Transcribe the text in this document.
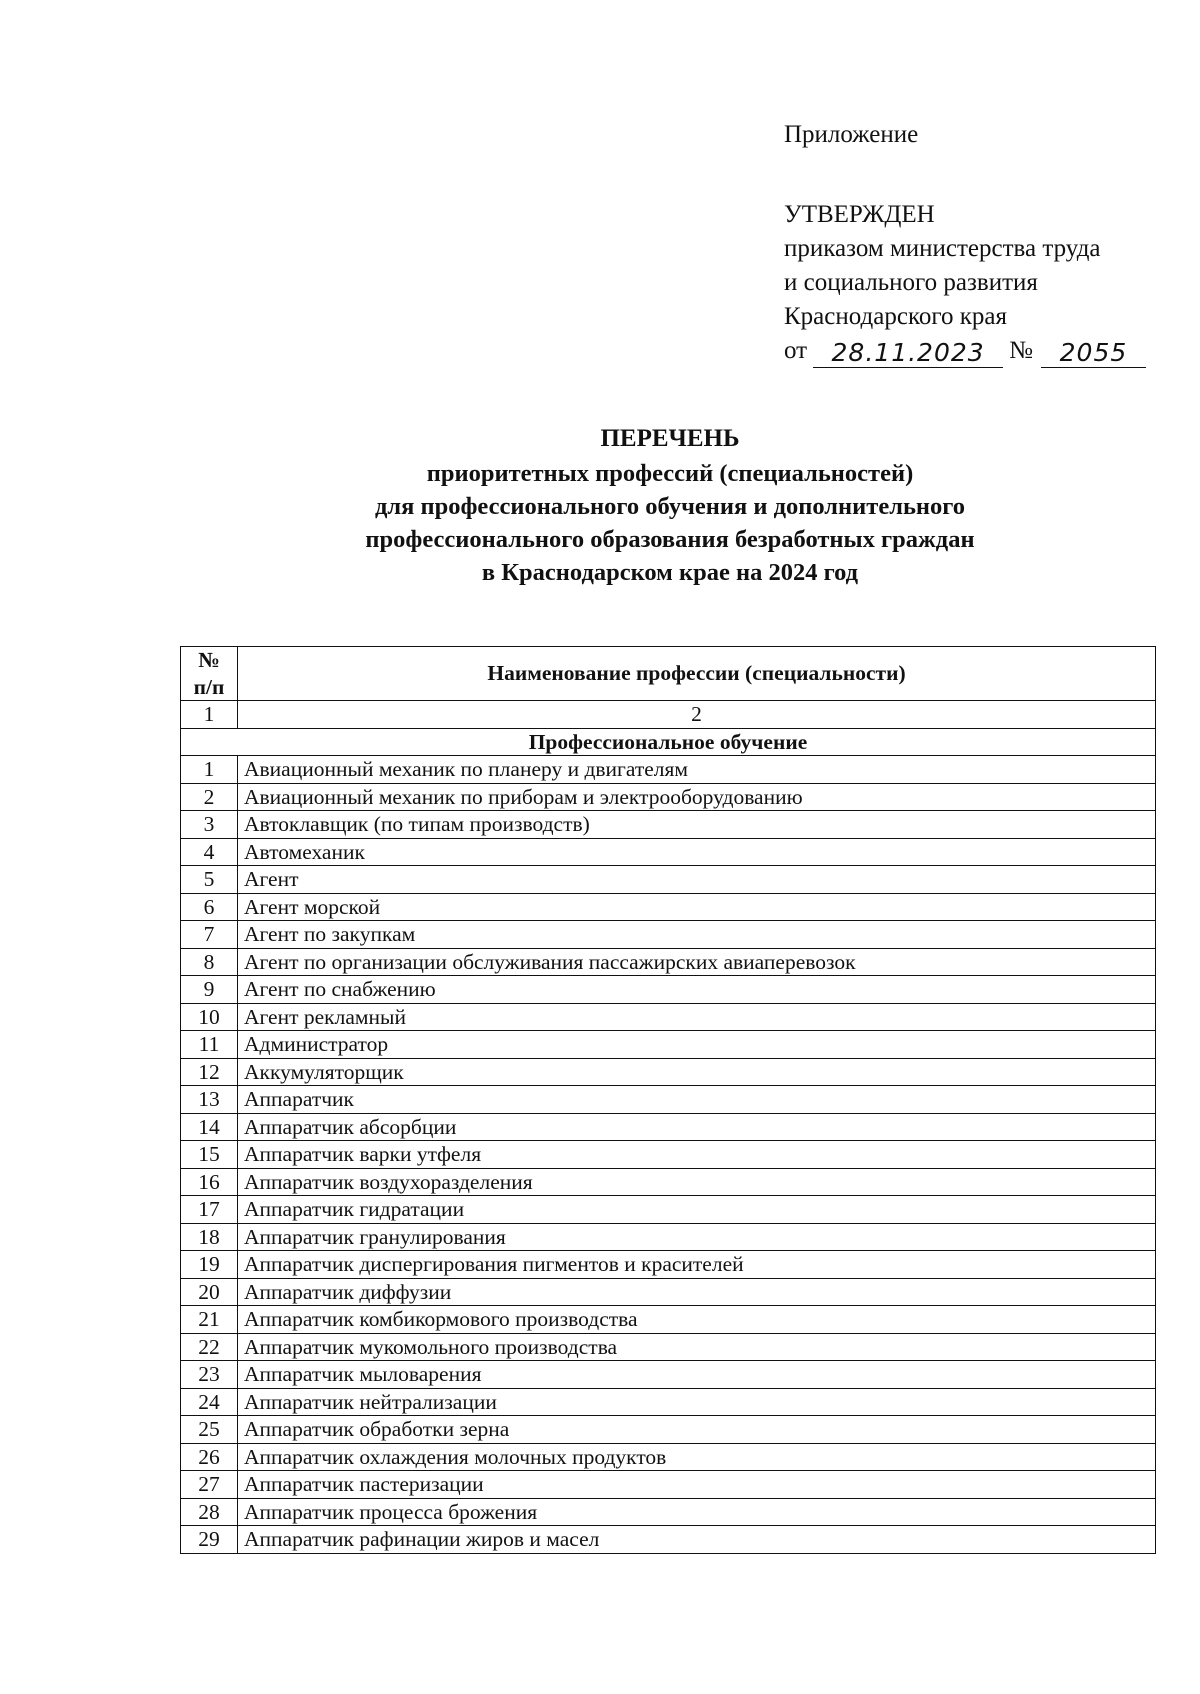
Приложение
УТВЕРЖДЕН
приказом министерства труда
и социального развития
Краснодарского края
от 28.11.2023 №	2055
ПЕРЕЧЕНЬ
приоритетных профессий (специальностей)
для профессионального обучения и дополнительного
профессионального образования безработных граждан
в Краснодарском крае на 2024 год
№ п/п	Наименование профессии (специальности)
1	2
Профессиональное обучение	
1	Авиационный механик по планеру и двигателям
2	Авиационный механик по приборам и электрооборудованию
3	Автоклавщик (по типам производств)
4	Автомеханик
5	Агент
6	Агент морской
7	Агент по закупкам
8	Агент по организации обслуживания пассажирских авиаперевозок
9	Агент по снабжению
10	Агент рекламный
11	Администратор
12	Аккумуляторщик
13	Аппаратчик
14	Аппаратчик абсорбции
15	Аппаратчик варки утфеля
16	Аппаратчик воздухоразделения
17	Аппаратчик гидратации
18	Аппаратчик гранулирования
19	Аппаратчик диспергирования пигментов и красителей
20	Аппаратчик диффузии
21	Аппаратчик комбикормового производства
22	Аппаратчик мукомольного производства
23	Аппаратчик мыловарения
24	Аппаратчик нейтрализации
25	Аппаратчик обработки зерна
26	Аппаратчик охлаждения молочных продуктов
27	Аппаратчик пастеризации
28	Аппаратчик процесса брожения
29	Аппаратчик рафинации жиров и масел
